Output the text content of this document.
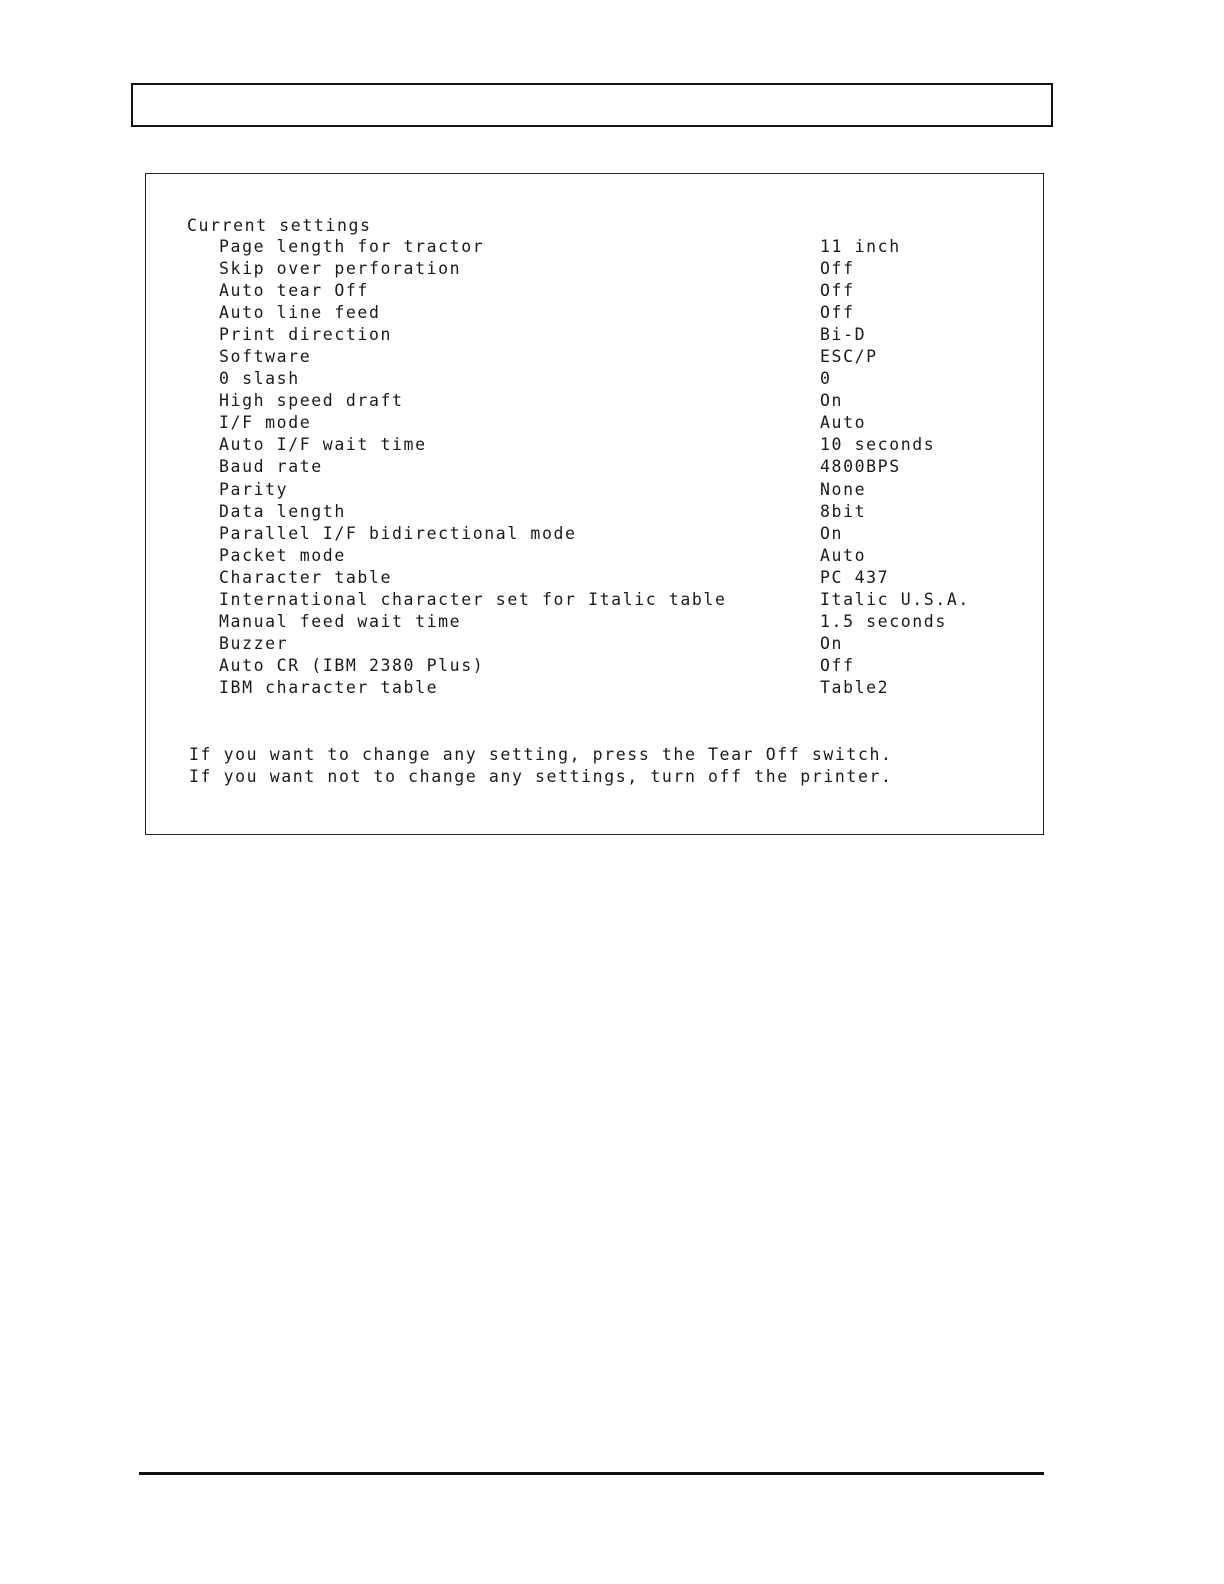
Current settings
Page length for tractor	11 inch
Skip over perforation	Off
Auto tear Off	Off
Auto line feed	Off
Print direction	Bi-D
Software	ESC/P
0 slash	0
High speed draft	On
I/F mode	Auto
Auto I/F wait time	10 seconds
Baud rate	4800BPS
Parity	None
Data length	8bit
Parallel I/F bidirectional mode	On
Packet mode	Auto
Character table	PC 437
International character set for Italic table	Italic U.S.A.
Manual feed wait time	1.5 seconds
Buzzer	On
Auto CR (IBM 2380 Plus)	Off
IBM character table	Table2
If you want to change any setting, press the Tear Off switch.
If you want not to change any settings, turn off the printer.
